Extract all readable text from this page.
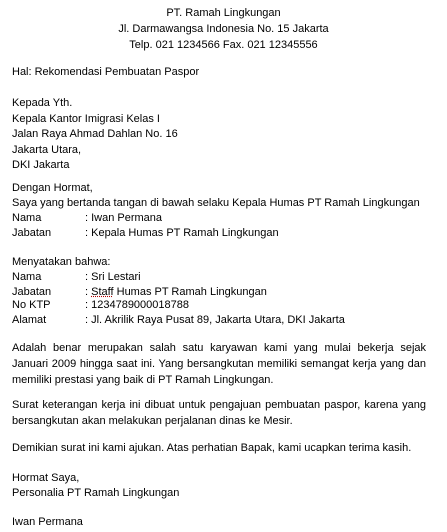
PT. Ramah Lingkungan
Jl. Darmawangsa Indonesia No. 15 Jakarta
Telp. 021 1234566 Fax. 021 12345556
Hal: Rekomendasi Pembuatan Paspor
Kepada Yth.
Kepala Kantor Imigrasi Kelas I
Jalan Raya Ahmad Dahlan No. 16
Jakarta Utara,
DKI Jakarta
Dengan Hormat,
Saya yang bertanda tangan di bawah selaku Kepala Humas PT Ramah Lingkungan
Nama	: Iwan Permana
Jabatan	: Kepala Humas PT Ramah Lingkungan
Menyatakan bahwa:
Nama	: Sri Lestari
Jabatan	: Staff Humas PT Ramah Lingkungan
No KTP	: 1234789000018788
Alamat	: Jl. Akrilik Raya Pusat 89, Jakarta Utara, DKI Jakarta

Adalah benar merupakan salah satu karyawan kami yang mulai bekerja sejak Januari 2009 hingga saat ini. Yang bersangkutan memiliki semangat kerja yang dan memiliki prestasi yang baik di PT Ramah Lingkungan.

Surat keterangan kerja ini dibuat untuk pengajuan pembuatan paspor, karena yang bersangkutan akan melakukan perjalanan dinas ke Mesir.

Demikian surat ini kami ajukan. Atas perhatian Bapak, kami ucapkan terima kasih.

Hormat Saya,
Personalia PT Ramah Lingkungan
Iwan Permana
